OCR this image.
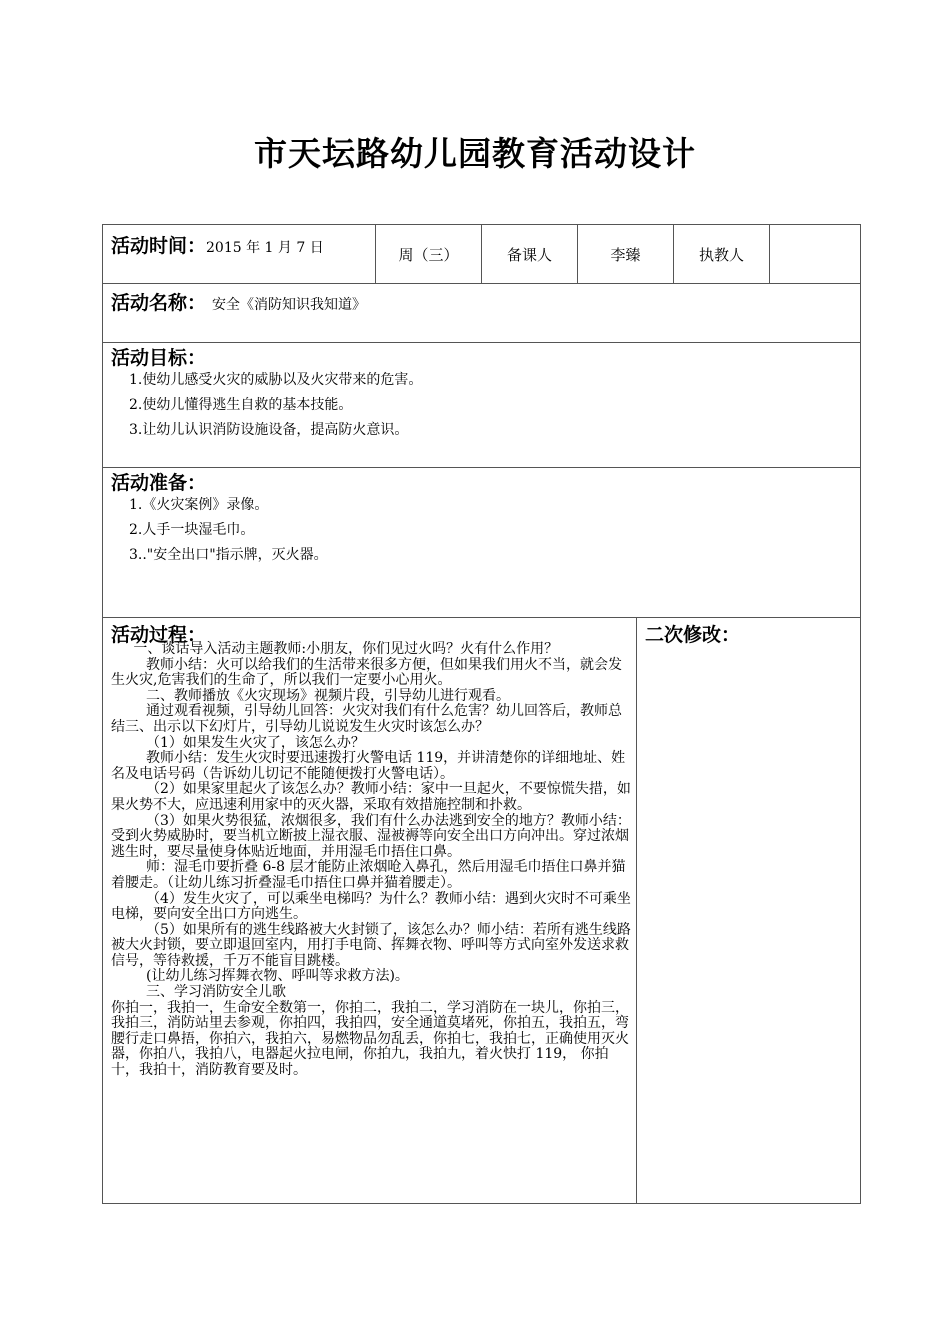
市天坛路幼儿园教育活动设计
活动时间：2015 年 1 月 7 日	周（三）	备课人	李臻	执教人
活动名称： 安全《消防知识我知道》
活动目标：
1.使幼儿感受火灾的威胁以及火灾带来的危害。
2.使幼儿懂得逃生自救的基本技能。
3.让幼儿认识消防设施设备，提高防火意识。
活动准备：
1.《火灾案例》录像。
2.人手一块湿毛巾。
3.."安全出口"指示牌，灭火器。
活动过程：

一、谈话导入活动主题教师:小朋友，你们见过火吗？火有什么作用？

教师小结：火可以给我们的生活带来很多方便，但如果我们用火不当，就会发生火灾,危害我们的生命了，所以我们一定要小心用火。

二、教师播放《火灾现场》视频片段，引导幼儿进行观看。

通过观看视频，引导幼儿回答：火灾对我们有什么危害？幼儿回答后，教师总结三、出示以下幻灯片，引导幼儿说说发生火灾时该怎么办？

（1）如果发生火灾了，该怎么办？

教师小结：发生火灾时要迅速拨打火警电话 119，并讲清楚你的详细地址、姓名及电话号码（告诉幼儿切记不能随便拨打火警电话）。

（2）如果家里起火了该怎么办？教师小结：家中一旦起火，不要惊慌失措，如果火势不大，应迅速利用家中的灭火器，采取有效措施控制和扑救。

（3）如果火势很猛，浓烟很多，我们有什么办法逃到安全的地方？教师小结：受到火势威胁时，要当机立断披上湿衣服、湿被褥等向安全出口方向冲出。穿过浓烟逃生时，要尽量使身体贴近地面，并用湿毛巾捂住口鼻。

师：湿毛巾要折叠 6-8 层才能防止浓烟呛入鼻孔，然后用湿毛巾捂住口鼻并猫着腰走。（让幼儿练习折叠湿毛巾捂住口鼻并猫着腰走）。

（4）发生火灾了，可以乘坐电梯吗？为什么？教师小结：遇到火灾时不可乘坐电梯，要向安全出口方向逃生。

（5）如果所有的逃生线路被大火封锁了，该怎么办？师小结：若所有逃生线路被大火封锁，要立即退回室内，用打手电筒、挥舞衣物、呼叫等方式向室外发送求救信号，等待救援，千万不能盲目跳楼。

(让幼儿练习挥舞衣物、呼叫等求救方法)。

三、学习消防安全儿歌

你拍一，我拍一，生命安全数第一，你拍二，我拍二，学习消防在一块儿，你拍三，我拍三，消防站里去参观，你拍四，我拍四，安全通道莫堵死，你拍五，我拍五，弯腰行走口鼻捂，你拍六，我拍六，易燃物品勿乱丢，你拍七，我拍七，正确使用灭火器，你拍八，我拍八，电器起火拉电闸，你拍九，我拍九，着火快打 119， 你拍十，我拍十，消防教育要及时。

二次修改：
